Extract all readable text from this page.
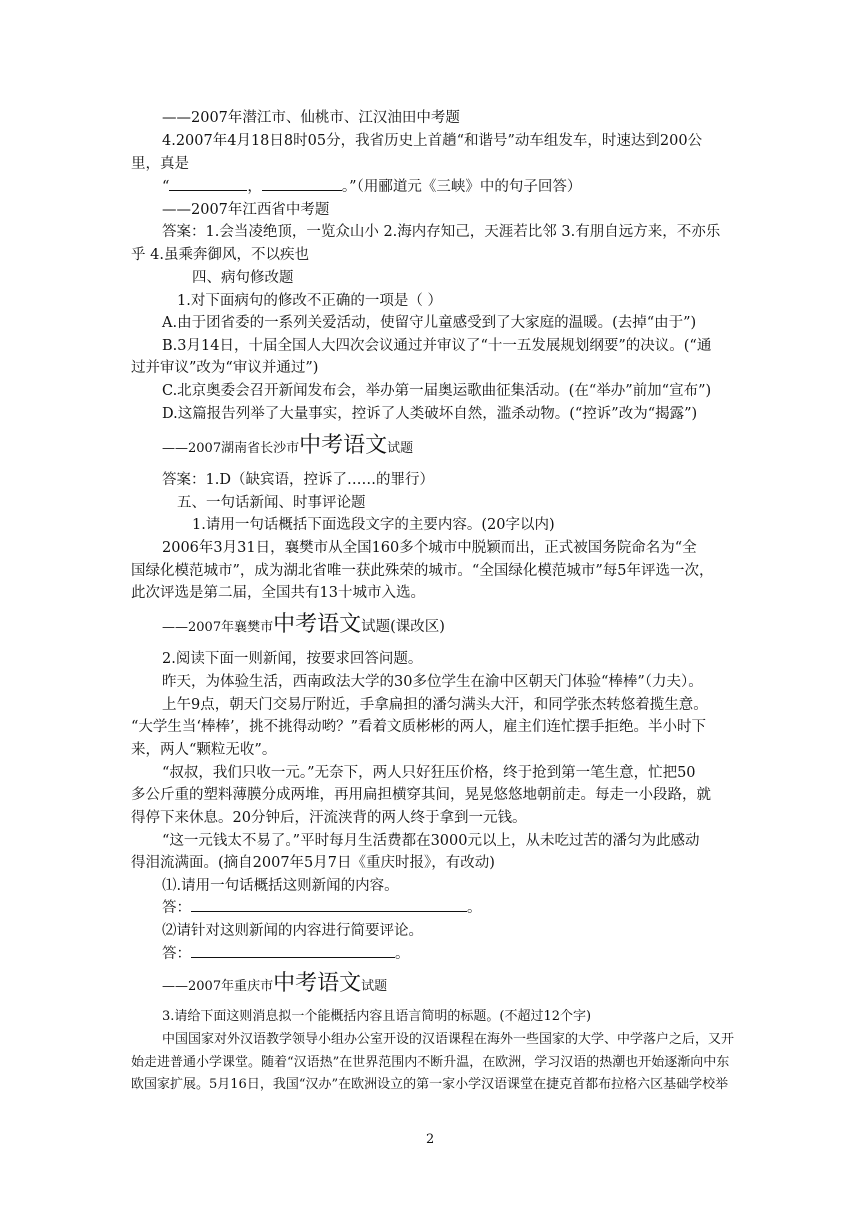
——2007年潜江市、仙桃市、江汉油田中考题
4.2007年4月18日8时05分，我省历史上首趟“和谐号”动车组发车，时速达到200公
里，真是
“	，	。”（用郦道元《三峡》中的句子回答）
——2007年江西省中考题
答案：1.会当凌绝顶，一览众山小 2.海内存知己，天涯若比邻 3.有朋自远方来，不亦乐
乎 4.虽乘奔御风，不以疾也
四、病句修改题
1.对下面病句的修改不正确的一项是（ ）
A.由于团省委的一系列关爱活动，使留守儿童感受到了大家庭的温暖。(去掉“由于”)
B.3月14日，十届全国人大四次会议通过并审议了“十一五发展规划纲要”的决议。(“通
过并审议”改为“审议并通过”)
C.北京奥委会召开新闻发布会，举办第一届奥运歌曲征集活动。(在“举办”前加“宣布”)
D.这篇报告列举了大量事实，控诉了人类破坏自然，滥杀动物。(“控诉”改为“揭露”)
——2007湖南省长沙市中考语文试题
答案：1.D（缺宾语，控诉了……的罪行）
五、一句话新闻、时事评论题
1.请用一句话概括下面选段文字的主要内容。(20字以内)
2006年3月31日，襄樊市从全国160多个城市中脱颖而出，正式被国务院命名为“全
国绿化模范城市”，成为湖北省唯一获此殊荣的城市。“全国绿化模范城市”每5年评选一次，
此次评选是第二届，全国共有13十城市入选。
——2007年襄樊市中考语文试题(课改区)
2.阅读下面一则新闻，按要求回答问题。
昨天，为体验生活，西南政法大学的30多位学生在渝中区朝天门体验“棒棒”（力夫）。
上午9点，朝天门交易厅附近，手拿扁担的潘匀满头大汗，和同学张杰转悠着揽生意。
“大学生当‘棒棒’，挑不挑得动哟？”看着文质彬彬的两人，雇主们连忙摆手拒绝。半小时下
来，两人“颗粒无收”。
“叔叔，我们只收一元。”无奈下，两人只好狂压价格，终于抢到第一笔生意，忙把50
多公斤重的塑料薄膜分成两堆，再用扁担横穿其间，晃晃悠悠地朝前走。每走一小段路，就
得停下来休息。20分钟后，汗流浃背的两人终于拿到一元钱。
“这一元钱太不易了。”平时每月生活费都在3000元以上，从未吃过苦的潘匀为此感动
得泪流满面。(摘自2007年5月7日《重庆时报》，有改动)
⑴.请用一句话概括这则新闻的内容。
答：	。
⑵请针对这则新闻的内容进行简要评论。
答：	。
——2007年重庆市中考语文试题
3.请给下面这则消息拟一个能概括内容且语言简明的标题。(不超过12个字)
中国国家对外汉语教学领导小组办公室开设的汉语课程在海外一些国家的大学、中学落户之后，又开
始走进普通小学课堂。随着“汉语热”在世界范围内不断升温，在欧洲，学习汉语的热潮也开始逐渐向中东
欧国家扩展。5月16日，我国“汉办”在欧洲设立的第一家小学汉语课堂在捷克首都布拉格六区基础学校举
2
